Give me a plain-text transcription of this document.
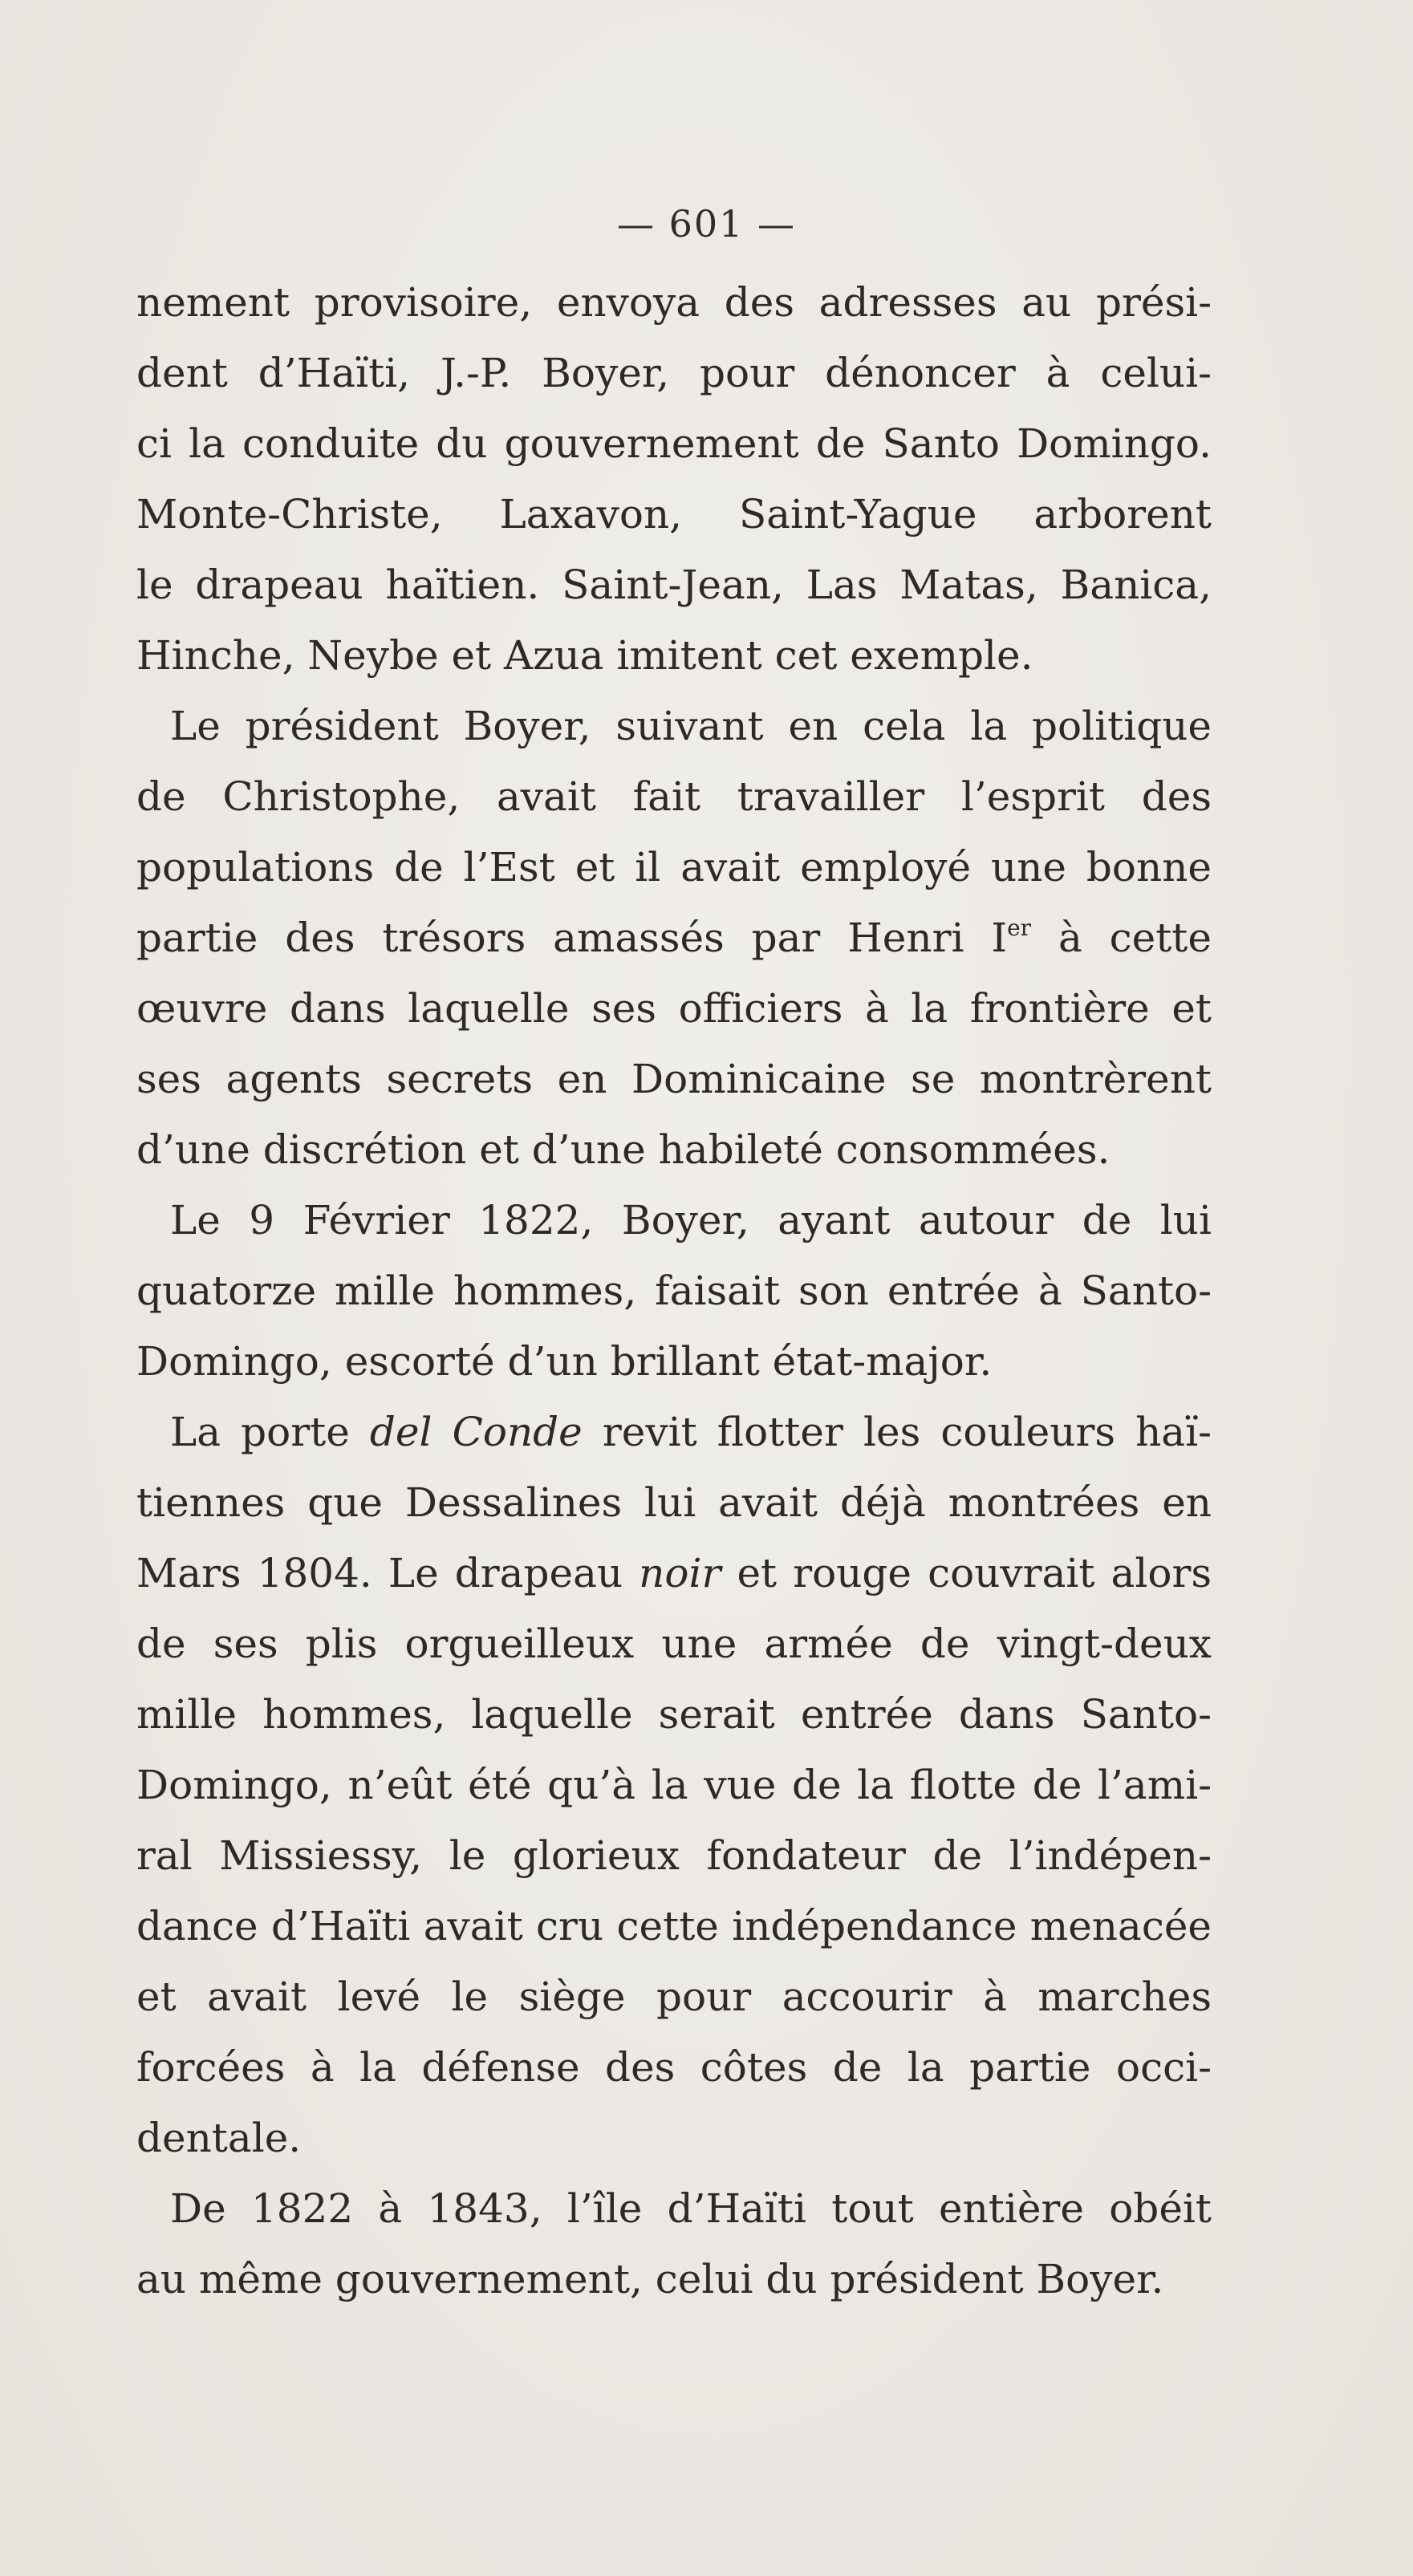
— 601 —
nement provisoire, envoya des adresses au prési-
dent d’Haïti, J.-P. Boyer, pour dénoncer à celui-
ci la conduite du gouvernement de Santo Domingo.
Monte-Christe, Laxavon, Saint-Yague arborent
le drapeau haïtien. Saint-Jean, Las Matas, Banica,
Hinche, Neybe et Azua imitent cet exemple.
Le président Boyer, suivant en cela la politique
de Christophe, avait fait travailler l’esprit des
populations de l’Est et il avait employé une bonne
partie des trésors amassés par Henri Ier à cette
œuvre dans laquelle ses officiers à la frontière et
ses agents secrets en Dominicaine se montrèrent
d’une discrétion et d’une habileté consommées.
Le 9 Février 1822, Boyer, ayant autour de lui
quatorze mille hommes, faisait son entrée à Santo-
Domingo, escorté d’un brillant état-major.
La porte del Conde revit flotter les couleurs haï-
tiennes que Dessalines lui avait déjà montrées en
Mars 1804. Le drapeau noir et rouge couvrait alors
de ses plis orgueilleux une armée de vingt-deux
mille hommes, laquelle serait entrée dans Santo-
Domingo, n’eût été qu’à la vue de la flotte de l’ami-
ral Missiessy, le glorieux fondateur de l’indépen-
dance d’Haïti avait cru cette indépendance menacée
et avait levé le siège pour accourir à marches
forcées à la défense des côtes de la partie occi-
dentale.
De 1822 à 1843, l’île d’Haïti tout entière obéit
au même gouvernement, celui du président Boyer.
